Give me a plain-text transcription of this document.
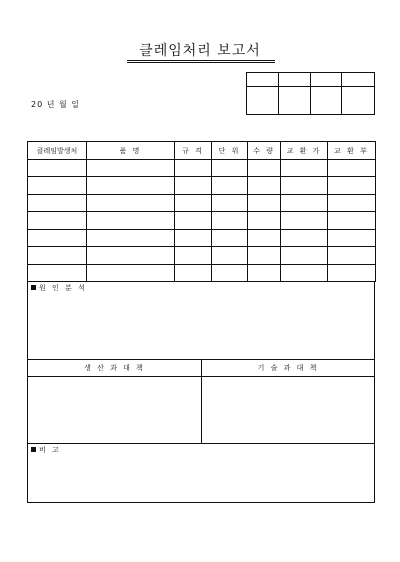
클레임처리 보고서
20 년 월 일
클레임발생처	품 명	규 격	단 위	수 량	교 환 가	교 환 부

원 인 분 석
생 산 과 대 책	기 술 과 대 책
비 고
